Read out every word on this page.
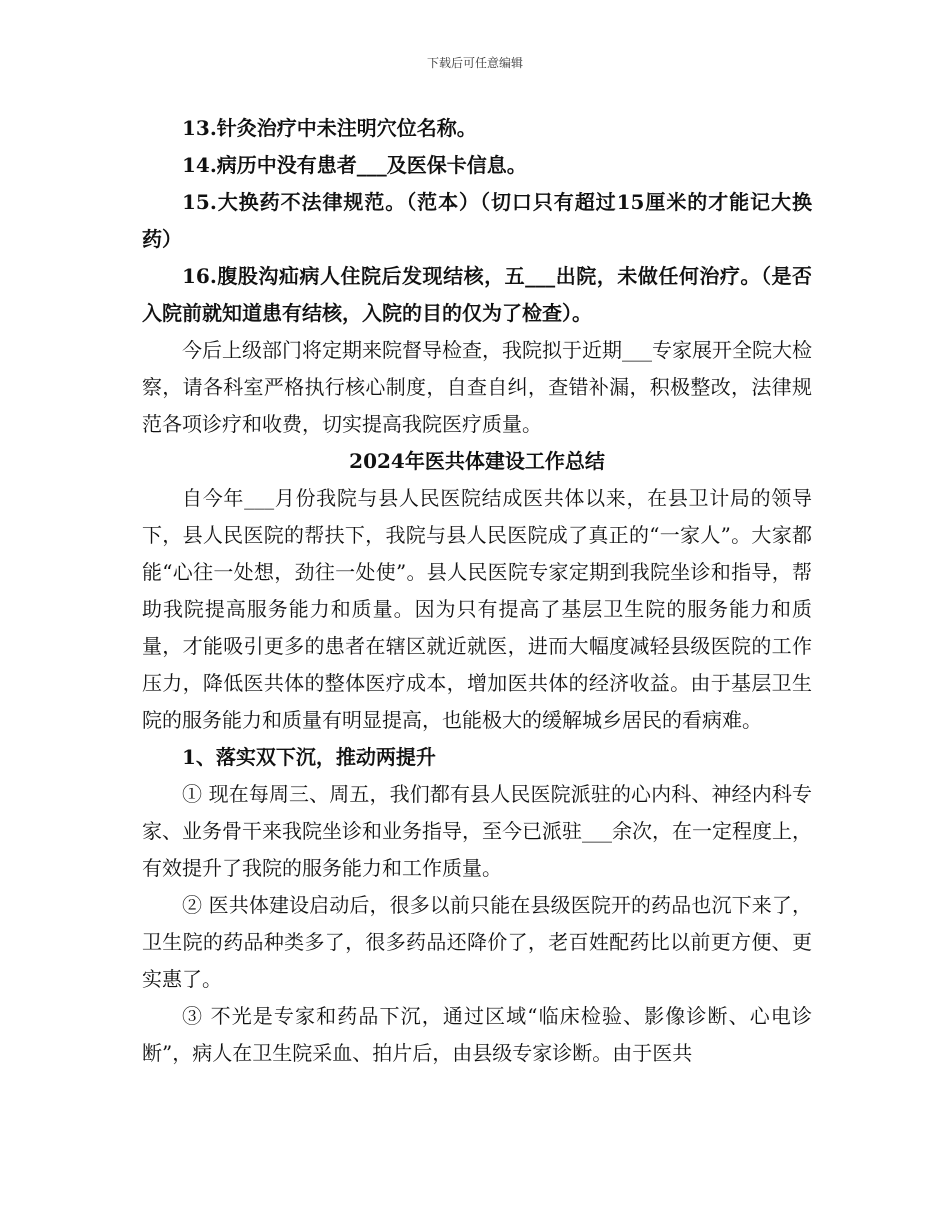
下载后可任意编辑

13.针灸治疗中未注明穴位名称。

14.病历中没有患者___及医保卡信息。

15.大换药不法律规范。（范本）（切口只有超过15厘米的才能记大换药）

16.腹股沟疝病人住院后发现结核，五___出院，未做任何治疗。（是否入院前就知道患有结核，入院的目的仅为了检查）。

今后上级部门将定期来院督导检查，我院拟于近期___专家展开全院大检察，请各科室严格执行核心制度，自查自纠，查错补漏，积极整改，法律规范各项诊疗和收费，切实提高我院医疗质量。

2024年医共体建设工作总结

自今年___月份我院与县人民医院结成医共体以来，在县卫计局的领导下，县人民医院的帮扶下，我院与县人民医院成了真正的“一家人”。大家都能“心往一处想，劲往一处使”。县人民医院专家定期到我院坐诊和指导，帮助我院提高服务能力和质量。因为只有提高了基层卫生院的服务能力和质量，才能吸引更多的患者在辖区就近就医，进而大幅度减轻县级医院的工作压力，降低医共体的整体医疗成本，增加医共体的经济收益。由于基层卫生院的服务能力和质量有明显提高，也能极大的缓解城乡居民的看病难。

1、落实双下沉，推动两提升

① 现在每周三、周五，我们都有县人民医院派驻的心内科、神经内科专家、业务骨干来我院坐诊和业务指导，至今已派驻___余次，在一定程度上，有效提升了我院的服务能力和工作质量。

② 医共体建设启动后，很多以前只能在县级医院开的药品也沉下来了，卫生院的药品种类多了，很多药品还降价了，老百姓配药比以前更方便、更实惠了。

③ 不光是专家和药品下沉，通过区域“临床检验、影像诊断、心电诊断”，病人在卫生院采血、拍片后，由县级专家诊断。由于医共
